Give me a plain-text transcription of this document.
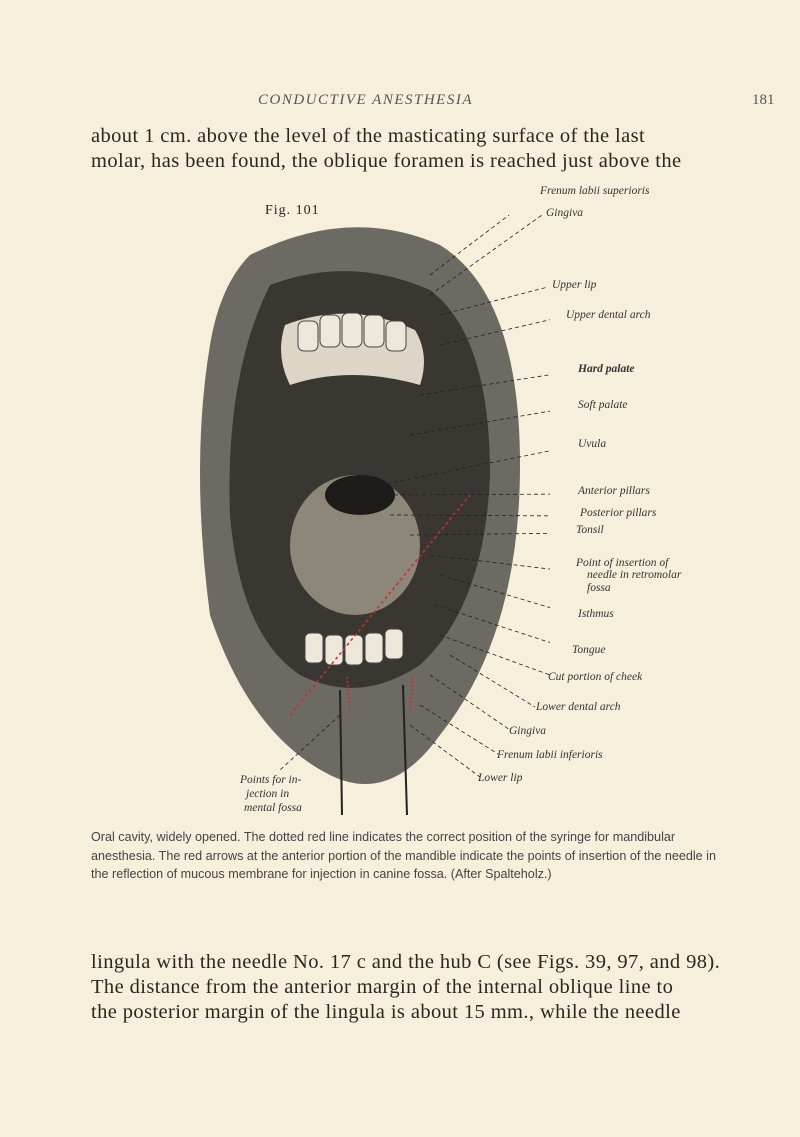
CONDUCTIVE ANESTHESIA	181
about 1 cm. above the level of the masticating surface of the last
molar, has been found, the oblique foramen is reached just above the
Fig. 101
Frenum labii superioris
Gingiva
Upper lip
Upper dental arch
Hard palate
Soft palate
Uvula
Anterior pillars
Posterior pillars
Tonsil
Point of insertion of
needle in retromolar
fossa
Isthmus
Tongue
Cut portion of cheek
Lower dental arch
Gingiva
Frenum labii inferioris
Lower lip
Points for in-
jection in
mental fossa
Oral cavity, widely opened. The dotted red line indicates the correct position of the syringe for mandibular anesthesia. The red arrows at the anterior portion of the mandible indicate the points of insertion of the needle in the reflection of mucous membrane for injection in canine fossa. (After Spalteholz.)
lingula with the needle No. 17 c and the hub C (see Figs. 39, 97, and 98).
The distance from the anterior margin of the internal oblique line to
the posterior margin of the lingula is about 15 mm., while the needle
